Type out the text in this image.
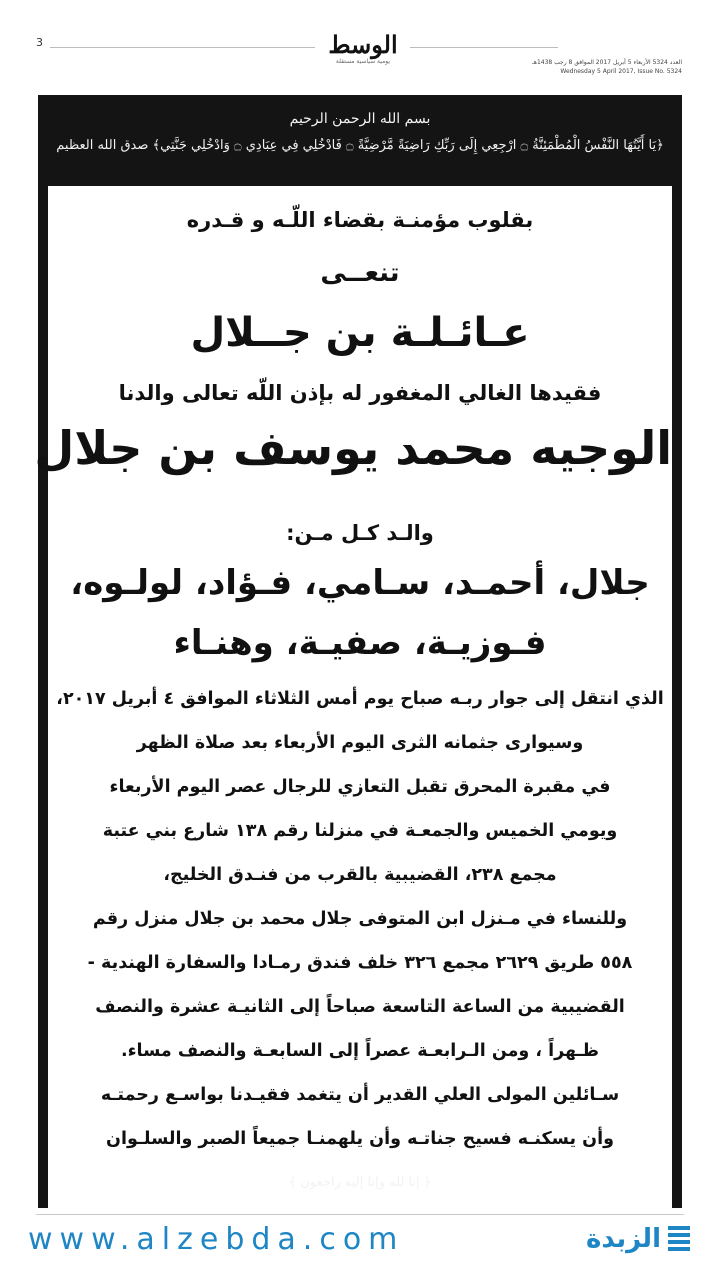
3	الوسط
يومية سياسية مستقلة	العدد 5324 الأربعاء 5 أبريل 2017 الموافق 8 رجب 1438هـ
Wednesday 5 April 2017, Issue No. 5324
بسم الله الرحمن الرحيم
﴿يَا أَيَّتُهَا النَّفْسُ الْمُطْمَئِنَّةُ ۝ ارْجِعِي إِلَى رَبِّكِ رَاضِيَةً مَّرْضِيَّةً ۝ فَادْخُلِي فِي عِبَادِي ۝ وَادْخُلِي جَنَّتِي﴾ صدق الله العظيم
بقلوب مؤمنـة بقضاء اللّـه و قـدره
تنعــى
عـائـلـة بن جــلال
فقيدها الغالي المغفور له بإذن اللّه تعالى والدنا
الوجيه محمد يوسف بن جلال
والـد كـل مـن:
جلال، أحمـد، سـامي، فـؤاد، لولـوه،
فـوزيـة، صفيـة، وهنـاء
الذي انتقل إلى جوار ربـه صباح يوم أمس الثلاثاء الموافق ٤ أبريل ٢٠١٧،
وسيوارى جثمانه الثرى اليوم الأربعاء بعد صلاة الظهر
في مقبرة المحرق تقبل التعازي للرجال عصر اليوم الأربعاء
ويومي الخميس والجمعـة في منزلنا رقم ١٣٨ شارع بني عتبة
مجمع ٢٣٨، القضيبية بالقرب من فنـدق الخليج،
وللنساء في مـنزل ابن المتوفى جلال محمد بن جلال منزل رقم
٥٥٨ طريق ٢٦٢٩ مجمع ٣٢٦ خلف فندق رمـادا والسفارة الهندية -
القضيبية من الساعة التاسعة صباحاً إلى الثانيـة عشرة والنصف
ظـهراً ، ومن الـرابعـة عصراً إلى السابعـة والنصف مساء.
سـائلين المولى العلي القدير أن يتغمد فقيـدنا بواسـع رحمتـه
وأن يسكنـه فسيح جناتـه وأن يلهمنـا جميعاً الصبر والسلـوان
﴿ إنا لله وإنا إليه راجعون ﴾
www.alzebda.com	الزبدة
